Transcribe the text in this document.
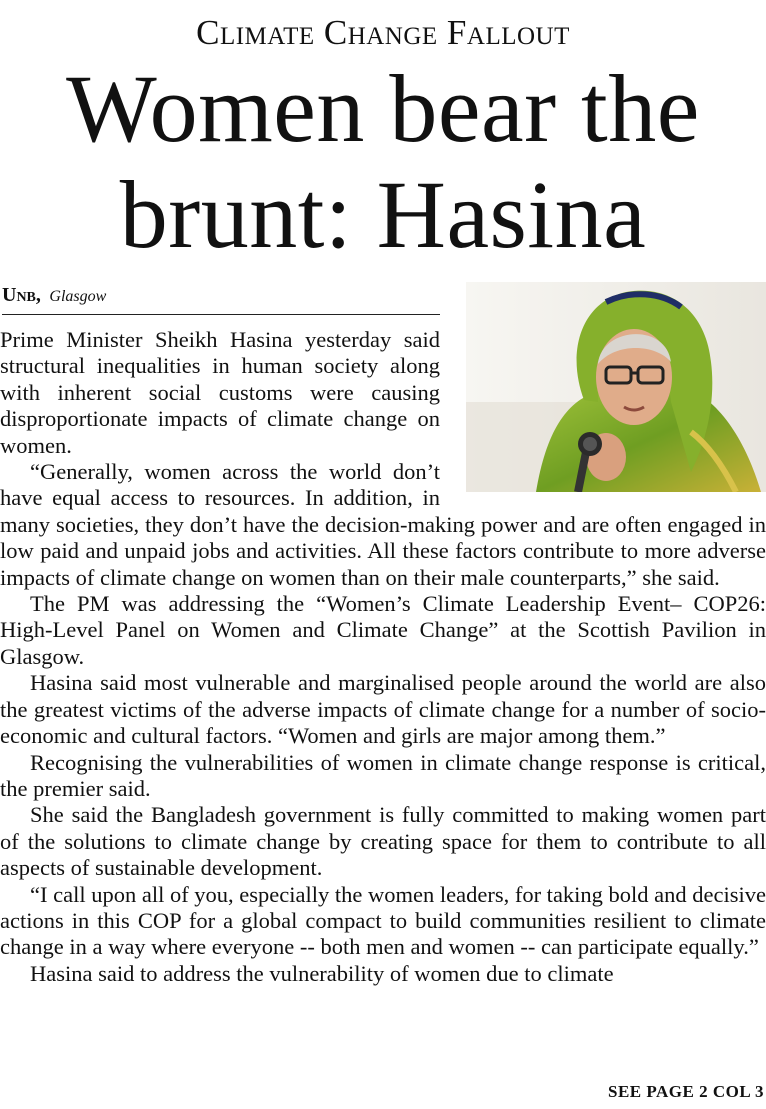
Climate Change Fallout
Women bear the brunt: Hasina
Unb, Glasgow

Prime Minister Sheikh Hasina yesterday said structural inequalities in human society along with inherent social customs were causing disproportionate impacts of climate change on women.

“Generally, women across the world don’t have equal access to resources. In addition, in many societies, they don’t have the decision-making power and are often engaged in low paid and unpaid jobs and activities. All these factors contribute to more adverse impacts of climate change on women than on their male counterparts,” she said.

The PM was addressing the “Women’s Climate Leadership Event– COP26: High-Level Panel on Women and Climate Change” at the Scottish Pavilion in Glasgow.

Hasina said most vulnerable and marginalised people around the world are also the greatest victims of the adverse impacts of climate change for a number of socio-economic and cultural factors. “Women and girls are major among them.”

Recognising the vulnerabilities of women in climate change response is critical, the premier said.

She said the Bangladesh government is fully committed to making women part of the solutions to climate change by creating space for them to contribute to all aspects of sustainable development.

“I call upon all of you, especially the women leaders, for taking bold and decisive actions in this COP for a global compact to build communities resilient to climate change in a way where everyone -- both men and women -- can participate equally.”

Hasina said to address the vulnerability of women due to climate

SEE PAGE 2 COL 3
